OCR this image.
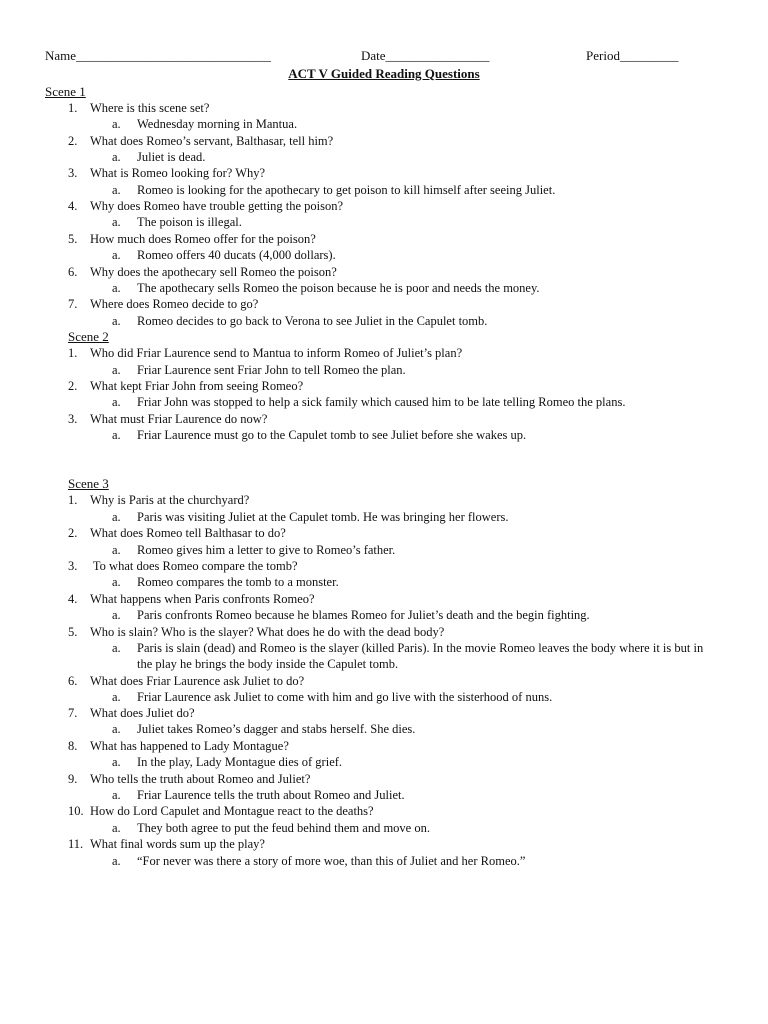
Name______________________________	Date________________	Period_________
ACT V Guided Reading Questions
Scene 1
1. Where is this scene set?
a.	Wednesday morning in Mantua.
2. What does Romeo’s servant, Balthasar, tell him?
a.	Juliet is dead.
3. What is Romeo looking for? Why?
a.	Romeo is looking for the apothecary to get poison to kill himself after seeing Juliet.
4. Why does Romeo have trouble getting the poison?
a.	The poison is illegal.
5. How much does Romeo offer for the poison?
a.	Romeo offers 40 ducats (4,000 dollars).
6. Why does the apothecary sell Romeo the poison?
a.	The apothecary sells Romeo the poison because he is poor and needs the money.
7. Where does Romeo decide to go?
a.	Romeo decides to go back to Verona to see Juliet in the Capulet tomb.
Scene 2
1. Who did Friar Laurence send to Mantua to inform Romeo of Juliet’s plan?
a.	Friar Laurence sent Friar John to tell Romeo the plan.
2. What kept Friar John from seeing Romeo?
a.	Friar John was stopped to help a sick family which caused him to be late telling Romeo the plans.
3. What must Friar Laurence do now?
a.	Friar Laurence must go to the Capulet tomb to see Juliet before she wakes up.
Scene 3
1. Why is Paris at the churchyard?
a.	Paris was visiting Juliet at the Capulet tomb. He was bringing her flowers.
2. What does Romeo tell Balthasar to do?
a.	Romeo gives him a letter to give to Romeo’s father.
3. To what does Romeo compare the tomb?
a.	Romeo compares the tomb to a monster.
4. What happens when Paris confronts Romeo?
a.	Paris confronts Romeo because he blames Romeo for Juliet’s death and the begin fighting.
5. Who is slain? Who is the slayer? What does he do with the dead body?
a.	Paris is slain (dead) and Romeo is the slayer (killed Paris). In the movie Romeo leaves the body where it is but in the play he brings the body inside the Capulet tomb.
6. What does Friar Laurence ask Juliet to do?
a.	Friar Laurence ask Juliet to come with him and go live with the sisterhood of nuns.
7. What does Juliet do?
a.	Juliet takes Romeo’s dagger and stabs herself. She dies.
8. What has happened to Lady Montague?
a.	In the play, Lady Montague dies of grief.
9. Who tells the truth about Romeo and Juliet?
a.	Friar Laurence tells the truth about Romeo and Juliet.
10. How do Lord Capulet and Montague react to the deaths?
a.	They both agree to put the feud behind them and move on.
11. What final words sum up the play?
a.	“For never was there a story of more woe, than this of Juliet and her Romeo.”
